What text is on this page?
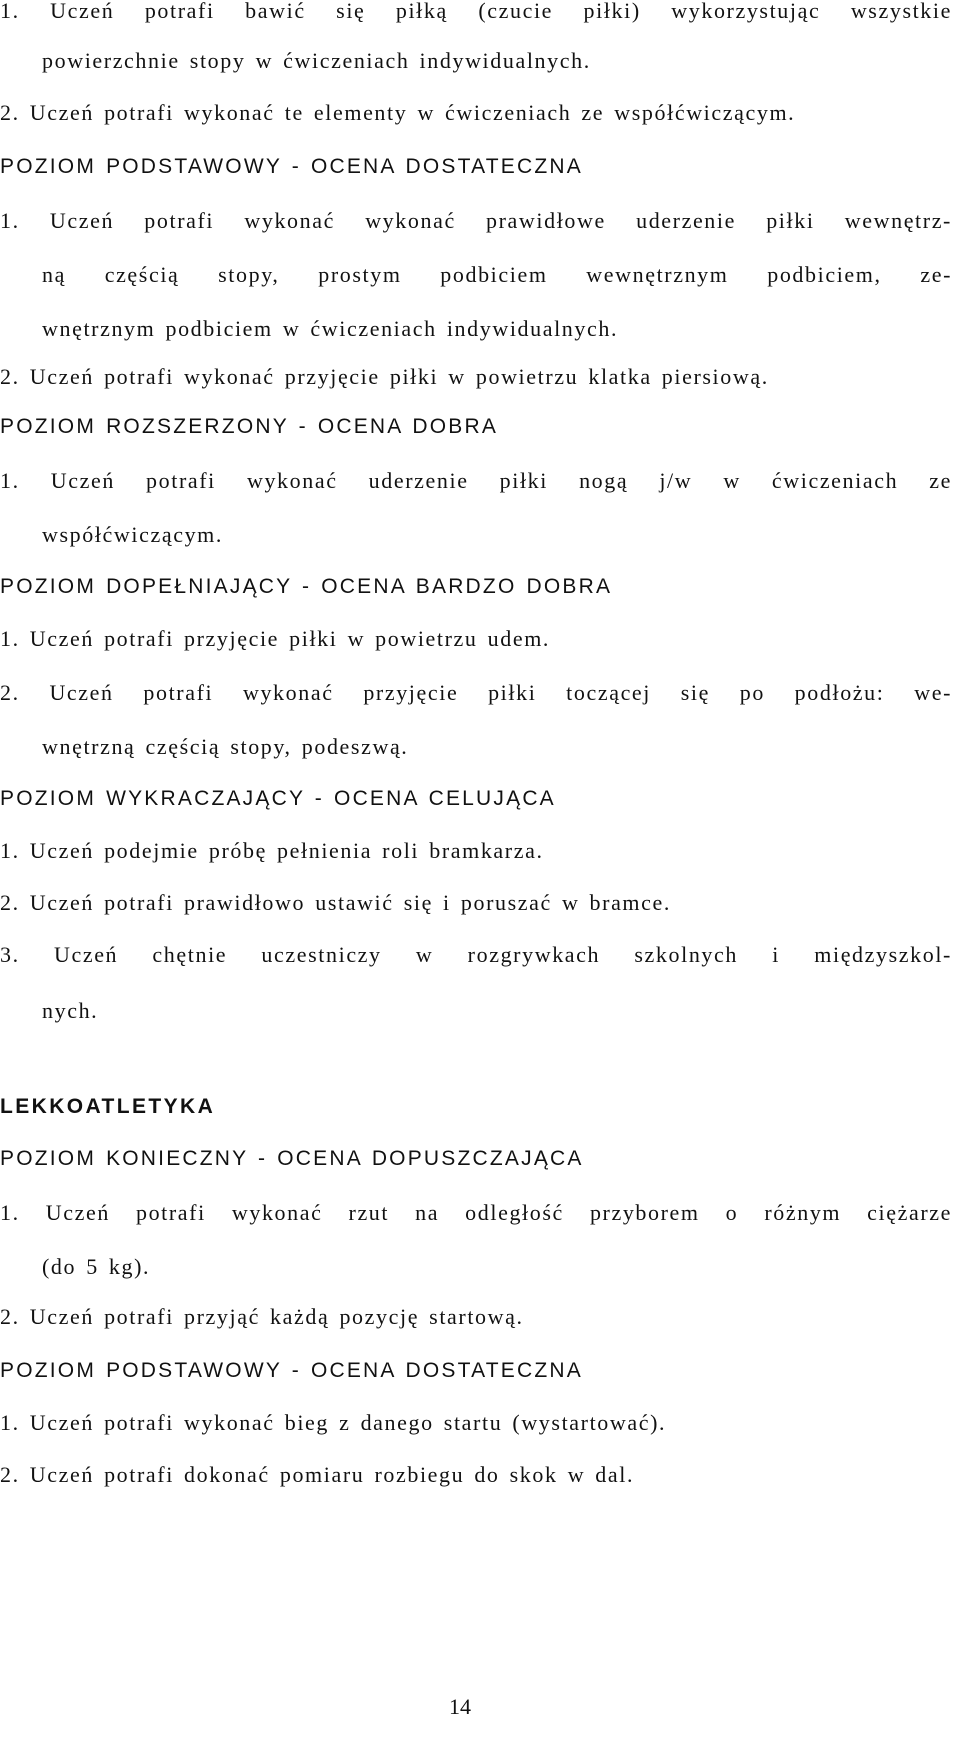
1. Uczeń potrafi bawić się piłką (czucie piłki) wykorzystując wszystkie
powierzchnie stopy w ćwiczeniach indywidualnych.
2. Uczeń potrafi wykonać te elementy w ćwiczeniach ze współćwiczącym.
POZIOM PODSTAWOWY - OCENA DOSTATECZNA
1. Uczeń potrafi wykonać wykonać prawidłowe uderzenie piłki wewnętrz-
ną częścią stopy, prostym podbiciem wewnętrznym podbiciem, ze-
wnętrznym podbiciem w ćwiczeniach indywidualnych.
2. Uczeń potrafi wykonać przyjęcie piłki w powietrzu klatka piersiową.
POZIOM ROZSZERZONY - OCENA DOBRA
1. Uczeń potrafi wykonać uderzenie piłki nogą j/w w ćwiczeniach ze
współćwiczącym.
POZIOM DOPEŁNIAJĄCY - OCENA BARDZO DOBRA
1. Uczeń potrafi przyjęcie piłki w powietrzu udem.
2. Uczeń potrafi wykonać przyjęcie piłki toczącej się po podłożu: we-
wnętrzną częścią stopy, podeszwą.
POZIOM WYKRACZAJĄCY - OCENA CELUJĄCA
1. Uczeń podejmie próbę pełnienia roli bramkarza.
2. Uczeń potrafi prawidłowo ustawić się i poruszać w bramce.
3. Uczeń chętnie uczestniczy w rozgrywkach szkolnych i międzyszkol-
nych.
LEKKOATLETYKA
POZIOM KONIECZNY - OCENA DOPUSZCZAJĄCA
1. Uczeń potrafi wykonać rzut na odległość przyborem o różnym ciężarze
(do 5 kg).
2. Uczeń potrafi przyjąć każdą pozycję startową.
POZIOM PODSTAWOWY - OCENA DOSTATECZNA
1. Uczeń potrafi wykonać bieg z danego startu (wystartować).
2. Uczeń potrafi dokonać pomiaru rozbiegu do skok w dal.
14
